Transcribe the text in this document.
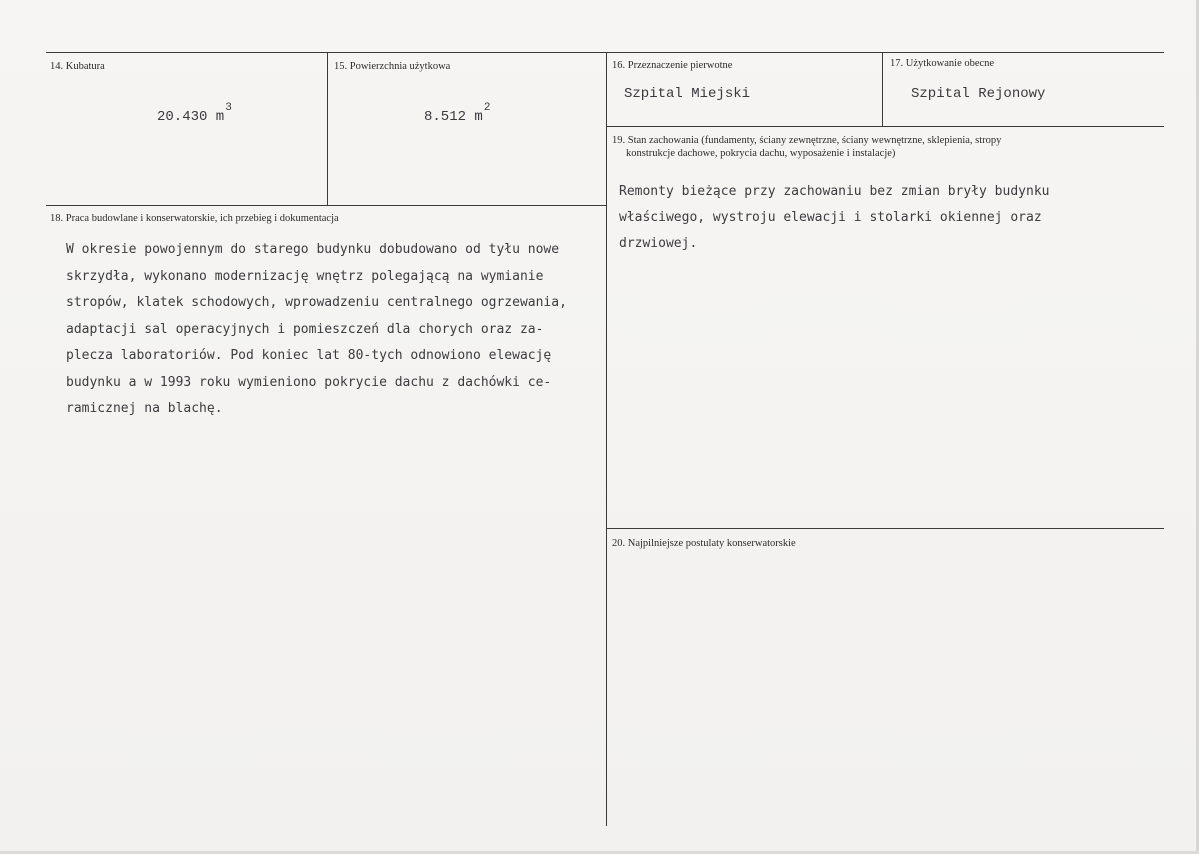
14. Kubatura
20.430 $m^3$
15. Powierzchnia użytkowa
8.512 $m^2$
16. Przeznaczenie pierwotne
Szpital Miejski
17. Użytkowanie obecne
Szpital Rejonowy
19. Stan zachowania (fundamenty, ściany zewnętrzne, ściany wewnętrzne, sklepienia, stropy
konstrukcje dachowe, pokrycia dachu, wyposażenie i instalacje)
Remonty bieżące przy zachowaniu bez zmian bryły budynku
właściwego, wystroju elewacji i stolarki okiennej oraz
drzwiowej.
18. Praca budowlane i konserwatorskie, ich przebieg i dokumentacja
W okresie powojennym do starego budynku dobudowano od tyłu nowe
skrzydła, wykonano modernizację wnętrz polegającą na wymianie
stropów, klatek schodowych, wprowadzeniu centralnego ogrzewania,
adaptacji sal operacyjnych i pomieszczeń dla chorych oraz za-
plecza laboratoriów. Pod koniec lat 80-tych odnowiono elewację
budynku a w 1993 roku wymieniono pokrycie dachu z dachówki ce-
ramicznej na blachę.
20. Najpilniejsze postulaty konserwatorskie
